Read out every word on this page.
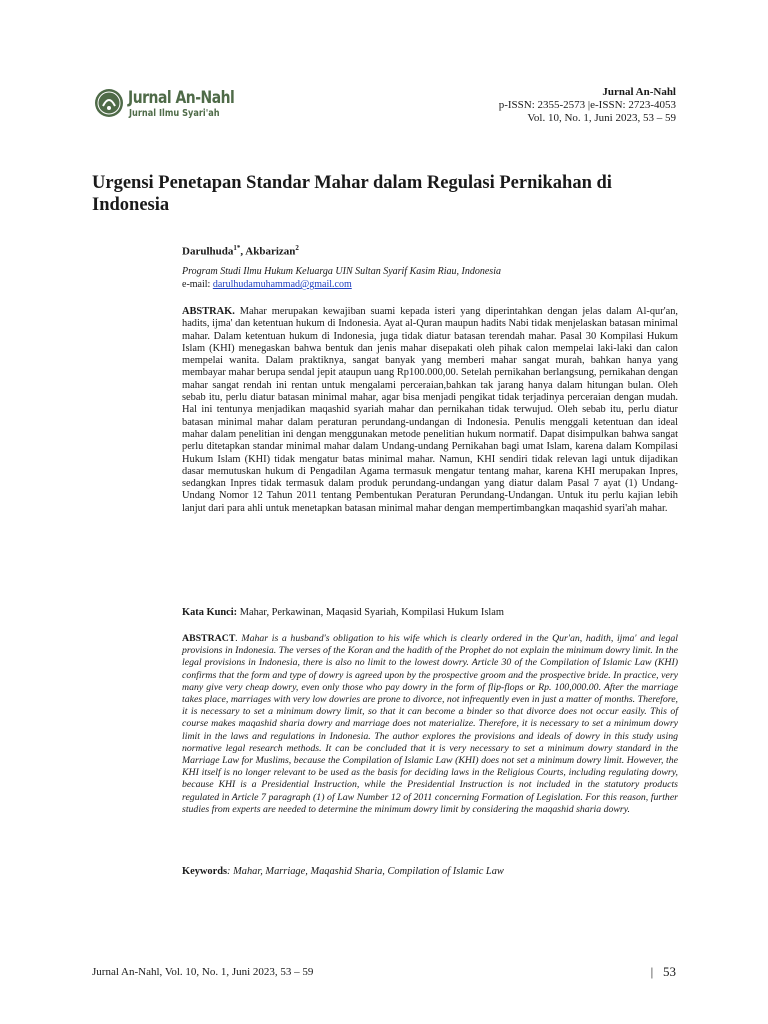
Jurnal An-Nahl
Jurnal Ilmu Syari'ah
Jurnal An-Nahl
p-ISSN: 2355-2573 |e-ISSN: 2723-4053
Vol. 10, No. 1, Juni 2023, 53 – 59
Urgensi Penetapan Standar Mahar dalam Regulasi Pernikahan di Indonesia
Darulhuda$^{1*}$, Akbarizan$^2$
Program Studi Ilmu Hukum Keluarga UIN Sultan Syarif Kasim Riau, Indonesia
e-mail: darulhudamuhammad@gmail.com

ABSTRAK. Mahar merupakan kewajiban suami kepada isteri yang diperintahkan dengan jelas dalam Al-qur'an, hadits, ijma' dan ketentuan hukum di Indonesia. Ayat al-Quran maupun hadits Nabi tidak menjelaskan batasan minimal mahar. Dalam ketentuan hukum di Indonesia, juga tidak diatur batasan terendah mahar. Pasal 30 Kompilasi Hukum Islam (KHI) menegaskan bahwa bentuk dan jenis mahar disepakati oleh pihak calon mempelai laki-laki dan calon mempelai wanita. Dalam praktiknya, sangat banyak yang memberi mahar sangat murah, bahkan hanya yang membayar mahar berupa sendal jepit ataupun uang Rp100.000,00. Setelah pernikahan berlangsung, pernikahan dengan mahar sangat rendah ini rentan untuk mengalami perceraian,bahkan tak jarang hanya dalam hitungan bulan. Oleh sebab itu, perlu diatur batasan minimal mahar, agar bisa menjadi pengikat tidak terjadinya perceraian dengan mudah. Hal ini tentunya menjadikan maqashid syariah mahar dan pernikahan tidak terwujud. Oleh sebab itu, perlu diatur batasan minimal mahar dalam peraturan perundang-undangan di Indonesia. Penulis menggali ketentuan dan ideal mahar dalam penelitian ini dengan menggunakan metode penelitian hukum normatif. Dapat disimpulkan bahwa sangat perlu ditetapkan standar minimal mahar dalam Undang-undang Pernikahan bagi umat Islam, karena dalam Kompilasi Hukum Islam (KHI) tidak mengatur batas minimal mahar. Namun, KHI sendiri tidak relevan lagi untuk dijadikan dasar memutuskan hukum di Pengadilan Agama termasuk mengatur tentang mahar, karena KHI merupakan Inpres, sedangkan Inpres tidak termasuk dalam produk perundang-undangan yang diatur dalam Pasal 7 ayat (1) Undang-Undang Nomor 12 Tahun 2011 tentang Pembentukan Peraturan Perundang-Undangan. Untuk itu perlu kajian lebih lanjut dari para ahli untuk menetapkan batasan minimal mahar dengan mempertimbangkan maqashid syari'ah mahar.

Kata Kunci: Mahar, Perkawinan, Maqasid Syariah, Kompilasi Hukum Islam

ABSTRACT. Mahar is a husband's obligation to his wife which is clearly ordered in the Qur'an, hadith, ijma' and legal provisions in Indonesia. The verses of the Koran and the hadith of the Prophet do not explain the minimum dowry limit. In the legal provisions in Indonesia, there is also no limit to the lowest dowry. Article 30 of the Compilation of Islamic Law (KHI) confirms that the form and type of dowry is agreed upon by the prospective groom and the prospective bride. In practice, very many give very cheap dowry, even only those who pay dowry in the form of flip-flops or Rp. 100,000.00. After the marriage takes place, marriages with very low dowries are prone to divorce, not infrequently even in just a matter of months. Therefore, it is necessary to set a minimum dowry limit, so that it can become a binder so that divorce does not occur easily. This of course makes maqashid sharia dowry and marriage does not materialize. Therefore, it is necessary to set a minimum dowry limit in the laws and regulations in Indonesia. The author explores the provisions and ideals of dowry in this study using normative legal research methods. It can be concluded that it is very necessary to set a minimum dowry standard in the Marriage Law for Muslims, because the Compilation of Islamic Law (KHI) does not set a minimum dowry limit. However, the KHI itself is no longer relevant to be used as the basis for deciding laws in the Religious Courts, including regulating dowry, because KHI is a Presidential Instruction, while the Presidential Instruction is not included in the statutory products regulated in Article 7 paragraph (1) of Law Number 12 of 2011 concerning Formation of Legislation. For this reason, further studies from experts are needed to determine the minimum dowry limit by considering the maqashid sharia dowry.

Keywords: Mahar, Marriage, Maqashid Sharia, Compilation of Islamic Law
Jurnal An-Nahl, Vol. 10, No. 1, Juni 2023, 53 – 59	| 53
